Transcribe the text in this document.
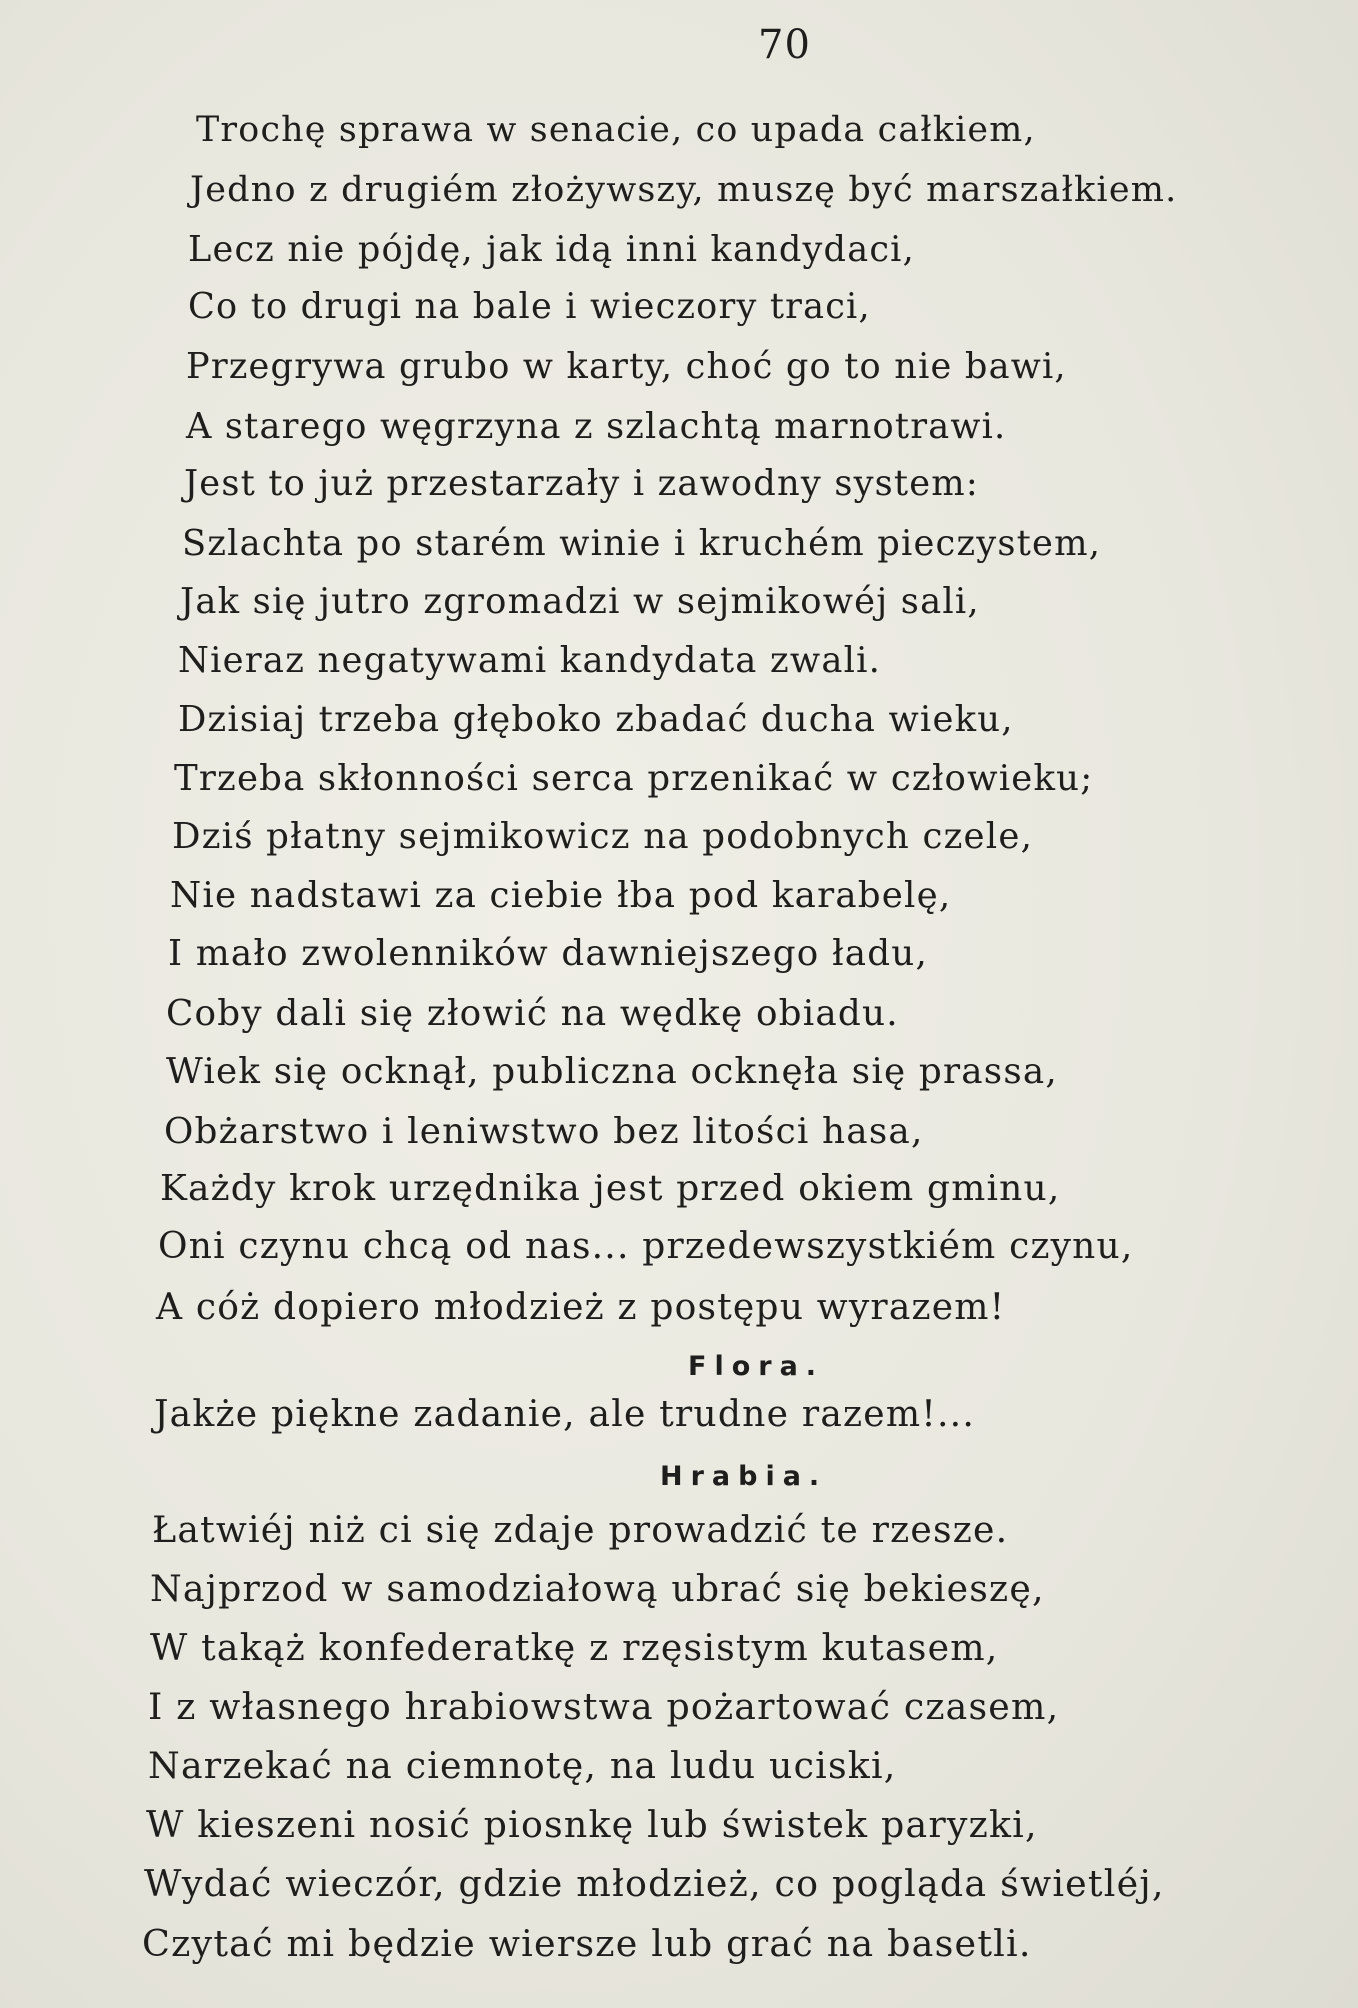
70
Trochę sprawa w senacie, co upada całkiem,
Jedno z drugiém złożywszy, muszę być marszałkiem.
Lecz nie pójdę, jak idą inni kandydaci,
Co to drugi na bale i wieczory traci,
Przegrywa grubo w karty, choć go to nie bawi,
A starego węgrzyna z szlachtą marnotrawi.
Jest to już przestarzały i zawodny system:
Szlachta po starém winie i kruchém pieczystem,
Jak się jutro zgromadzi w sejmikowéj sali,
Nieraz negatywami kandydata zwali.
Dzisiaj trzeba głęboko zbadać ducha wieku,
Trzeba skłonności serca przenikać w człowieku;
Dziś płatny sejmikowicz na podobnych czele,
Nie nadstawi za ciebie łba pod karabelę,
I mało zwolenników dawniejszego ładu,
Coby dali się złowić na wędkę obiadu.
Wiek się ocknął, publiczna ocknęła się prassa,
Obżarstwo i leniwstwo bez litości hasa,
Każdy krok urzędnika jest przed okiem gminu,
Oni czynu chcą od nas... przedewszystkiém czynu,
A cóż dopiero młodzież z postępu wyrazem!
Flora.
Jakże piękne zadanie, ale trudne razem!...
Hrabia.
Łatwiéj niż ci się zdaje prowadzić te rzesze.
Najprzod w samodziałową ubrać się bekieszę,
W takąż konfederatkę z rzęsistym kutasem,
I z własnego hrabiowstwa pożartować czasem,
Narzekać na ciemnotę, na ludu uciski,
W kieszeni nosić piosnkę lub świstek paryzki,
Wydać wieczór, gdzie młodzież, co pogląda świetléj,
Czytać mi będzie wiersze lub grać na basetli.
